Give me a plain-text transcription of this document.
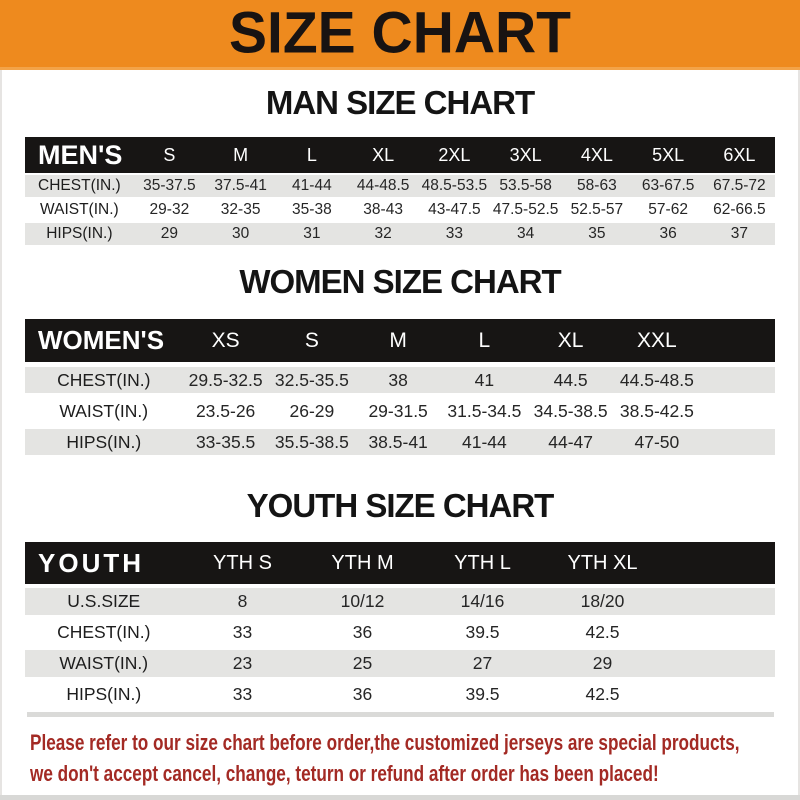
SIZE CHART
MAN SIZE CHART
MEN'S	S	M	L	XL	2XL	3XL	4XL	5XL	6XL
CHEST(IN.)	35-37.5	37.5-41	41-44	44-48.5	48.5-53.5	53.5-58	58-63	63-67.5	67.5-72
WAIST(IN.)	29-32	32-35	35-38	38-43	43-47.5	47.5-52.5	52.5-57	57-62	62-66.5
HIPS(IN.)	29	30	31	32	33	34	35	36	37
WOMEN SIZE CHART
WOMEN'S	XS	S	M	L	XL	XXL	
CHEST(IN.)	29.5-32.5	32.5-35.5	38	41	44.5	44.5-48.5	
WAIST(IN.)	23.5-26	26-29	29-31.5	31.5-34.5	34.5-38.5	38.5-42.5	
HIPS(IN.)	33-35.5	35.5-38.5	38.5-41	41-44	44-47	47-50	
YOUTH SIZE CHART
YOUTH	YTH S	YTH M	YTH L	YTH XL	
U.S.SIZE	8	10/12	14/16	18/20	
CHEST(IN.)	33	36	39.5	42.5	
WAIST(IN.)	23	25	27	29	
HIPS(IN.)	33	36	39.5	42.5	
Please refer to our size chart before order,the customized jerseys are special products,
we don't accept cancel, change, teturn or refund after order has been placed!
